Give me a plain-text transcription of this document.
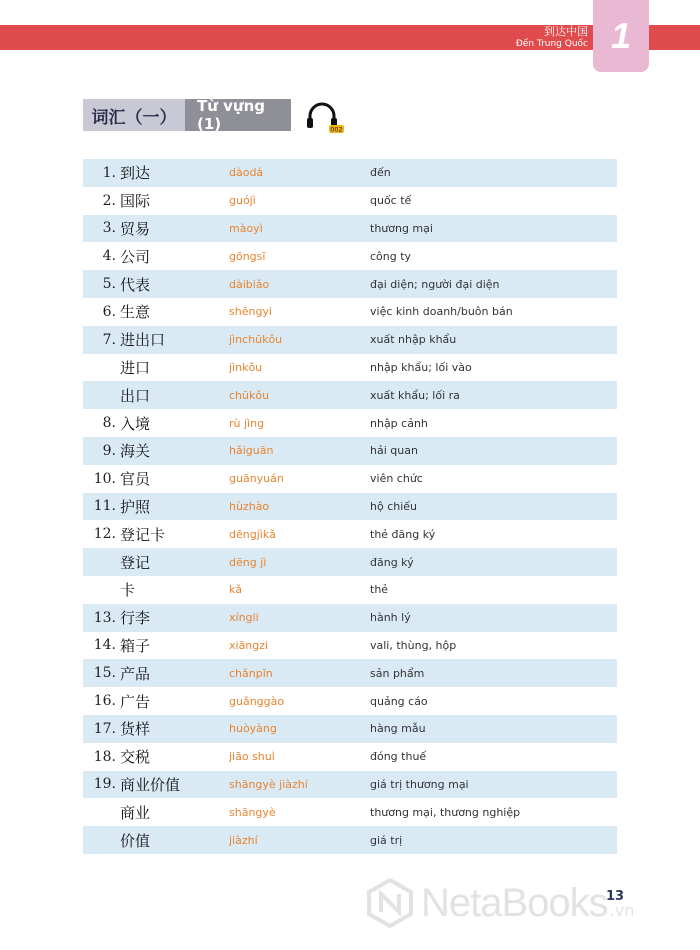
到达中国
Đến Trung Quốc 1
词汇（一）
Từ vựng (1)	002
1. 到达	dàodá	đến
2. 国际	guójì	quốc tế
3. 贸易	màoyì	thương mại
4. 公司	gōngsī	công ty
5. 代表	dàibiǎo	đại diện; người đại diện
6. 生意	shēngyi	việc kinh doanh/buôn bán
7. 进出口	jìnchūkǒu	xuất nhập khẩu
进口	jìnkǒu	nhập khẩu; lối vào
出口	chūkǒu	xuất khẩu; lối ra
8. 入境	rù jìng	nhập cảnh
9. 海关	hǎiguān	hải quan
10. 官员	guānyuán	viên chức
11. 护照	hùzhào	hộ chiếu
12. 登记卡	dēngjìkǎ	thẻ đăng ký
登记	dēng jì	đăng ký
卡	kǎ	thẻ
13. 行李	xíngli	hành lý
14. 箱子	xiāngzi	vali, thùng, hộp
15. 产品	chǎnpǐn	sản phẩm
16. 广告	guǎnggào	quảng cáo
17. 货样	huòyàng	hàng mẫu
18. 交税	jiāo shuì	đóng thuế
19. 商业价值	shāngyè jiàzhí	giá trị thương mại
商业	shāngyè	thương mại, thương nghiệp
价值	jiàzhí	giá trị
NetaBooks .vn
13
